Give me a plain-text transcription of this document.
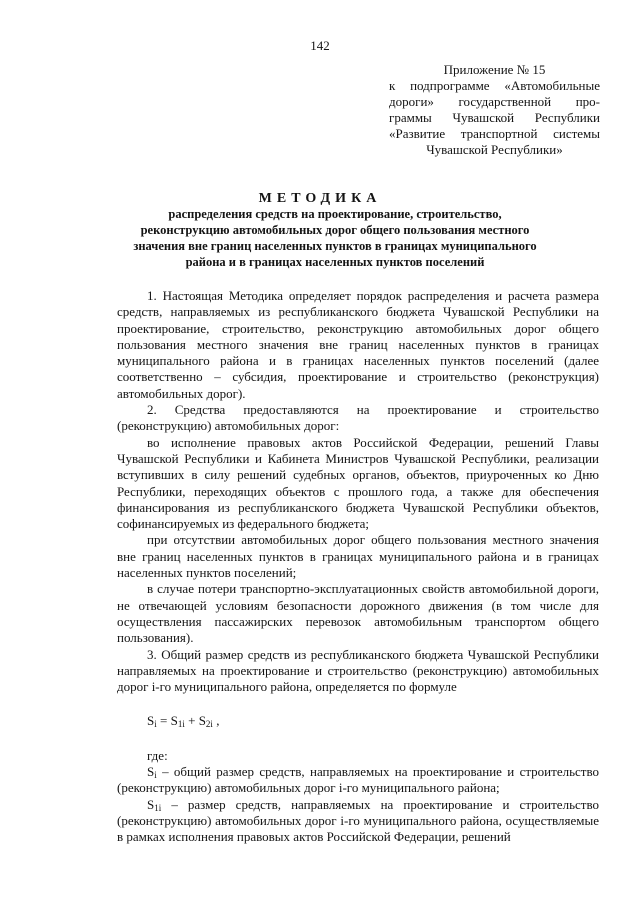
142
Приложение № 15
к подпрограмме «Автомобильные
дороги» государственной про-
граммы Чувашской Республики
«Развитие транспортной системы
Чувашской Республики»
МЕТОДИКА
распределения средств на проектирование, строительство, реконструкцию автомобильных дорог общего пользования местного значения вне границ населенных пунктов в границах муниципального района и в границах населенных пунктов поселений

1. Настоящая Методика определяет порядок распределения и расчета размера средств, направляемых из республиканского бюджета Чувашской Республики на проектирование, строительство, реконструкцию автомобильных дорог общего пользования местного значения вне границ населенных пунктов в границах муниципального района и в границах населенных пунктов поселений (далее соответственно – субсидия, проектирование и строительство (реконструкция) автомобильных дорог).

2. Средства предоставляются на проектирование и строительство (реконструкцию) автомобильных дорог:

во исполнение правовых актов Российской Федерации, решений Главы Чувашской Республики и Кабинета Министров Чувашской Республики, реализации вступивших в силу решений судебных органов, объектов, приуроченных ко Дню Республики, переходящих объектов с прошлого года, а также для обеспечения финансирования из республиканского бюджета Чувашской Республики объектов, софинансируемых из федерального бюджета;

при отсутствии автомобильных дорог общего пользования местного значения вне границ населенных пунктов в границах муниципального района и в границах населенных пунктов поселений;

в случае потери транспортно-эксплуатационных свойств автомобильной дороги, не отвечающей условиям безопасности дорожного движения (в том числе для осуществления пассажирских перевозок автомобильным транспортом общего пользования).

3. Общий размер средств из республиканского бюджета Чувашской Республики направляемых на проектирование и строительство (реконструкцию) автомобильных дорог i-го муниципального района, определяется по формуле

$S_i = S_{1i} + S_{2i}$ ,

где:

$S_i$ – общий размер средств, направляемых на проектирование и строительство (реконструкцию) автомобильных дорог i-го муниципального района;

$S_{1i}$ – размер средств, направляемых на проектирование и строительство (реконструкцию) автомобильных дорог i-го муниципального района, осуществляемые в рамках исполнения правовых актов Российской Федерации, решений
